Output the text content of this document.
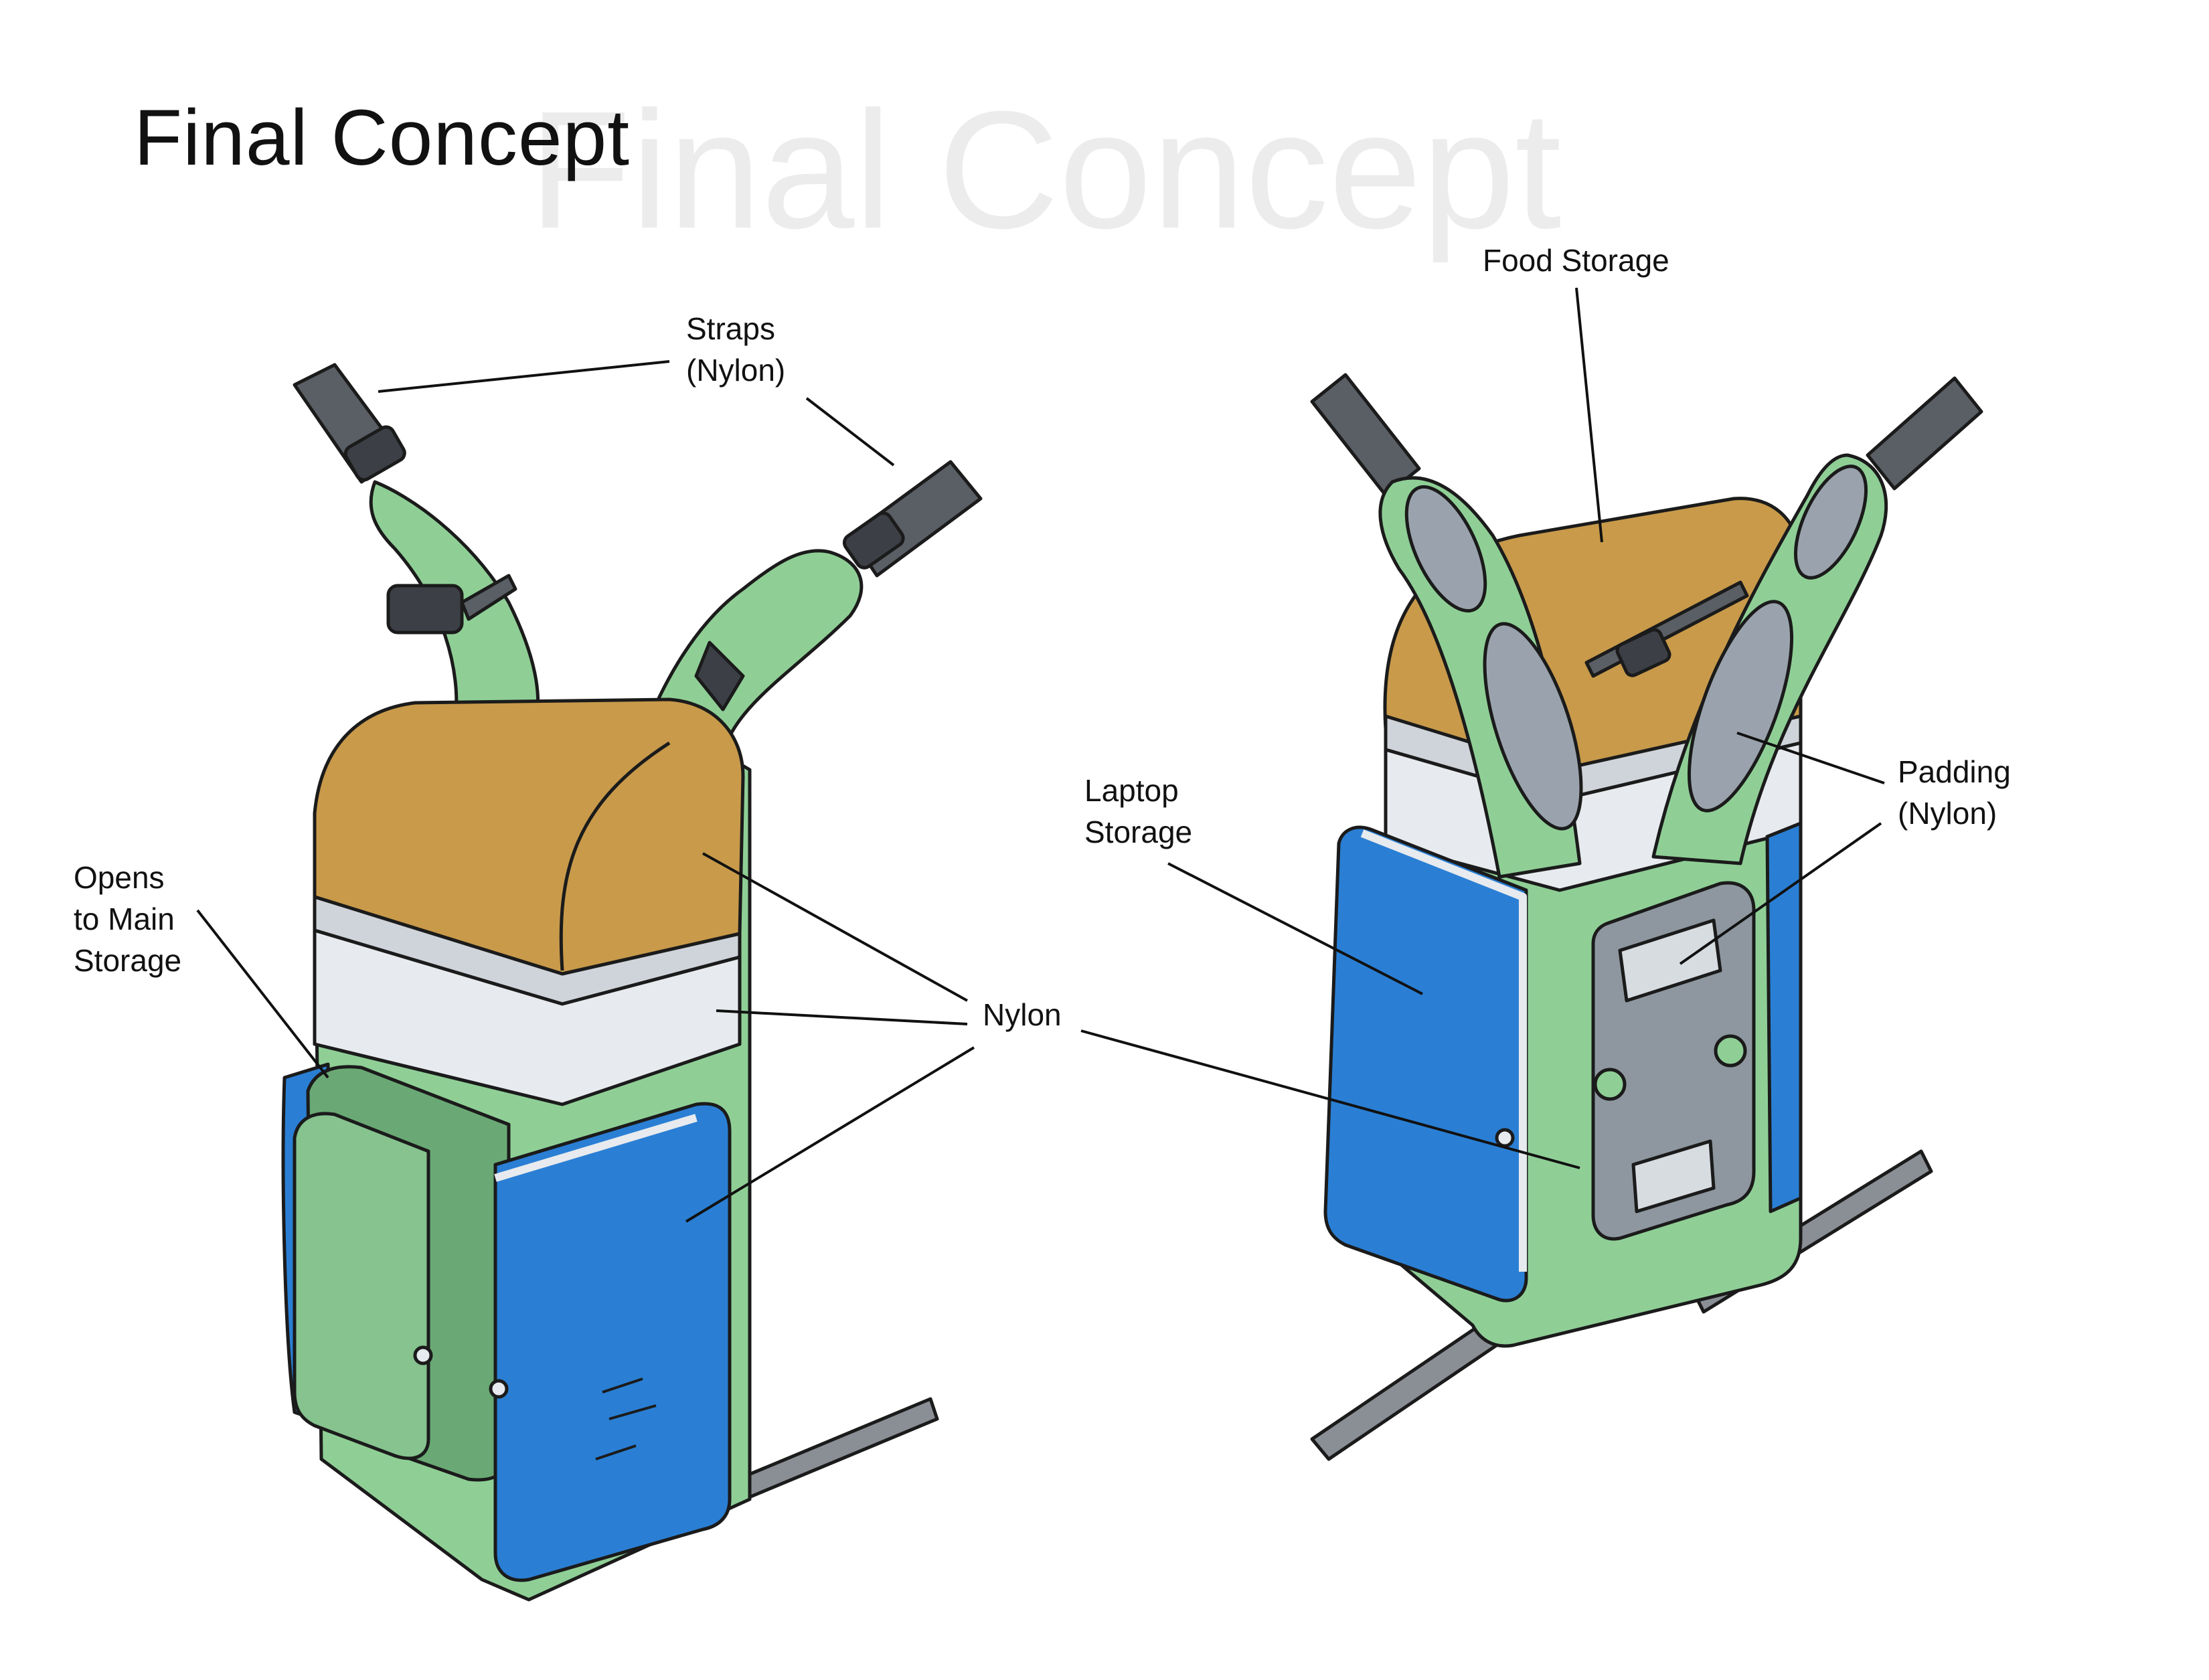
Final Concept
Final Concept
Straps
(Nylon)
Food Storage
Laptop
Storage
Padding
(Nylon)
Opens
to Main
Storage
Nylon
